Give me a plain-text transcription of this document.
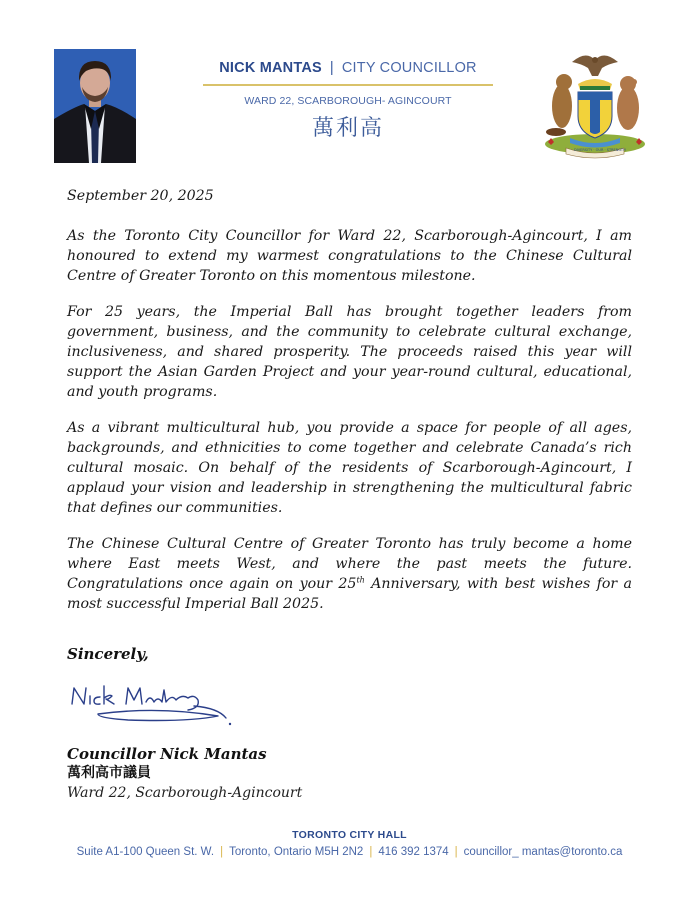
NICK MANTAS | CITY COUNCILLOR
WARD 22, SCARBOROUGH- AGINCOURT
萬利高
DIVERSITY · OUR · STRENGTH

September 20, 2025

As the Toronto City Councillor for Ward 22, Scarborough-Agincourt, I am honoured to extend my warmest congratulations to the Chinese Cultural Centre of Greater Toronto on this momentous milestone.

For 25 years, the Imperial Ball has brought together leaders from government, business, and the community to celebrate cultural exchange, inclusiveness, and shared prosperity. The proceeds raised this year will support the Asian Garden Project and your year-round cultural, educational, and youth programs.

As a vibrant multicultural hub, you provide a space for people of all ages, backgrounds, and ethnicities to come together and celebrate Canada’s rich cultural mosaic. On behalf of the residents of Scarborough-Agincourt, I applaud your vision and leadership in strengthening the multicultural fabric that defines our communities.

The Chinese Cultural Centre of Greater Toronto has truly become a home where East meets West, and where the past meets the future. Congratulations once again on your 25th Anniversary, with best wishes for a most successful Imperial Ball 2025.

Sincerely,
Councillor Nick Mantas
萬利高市議員
Ward 22, Scarborough-Agincourt
TORONTO CITY HALL
Suite A1-100 Queen St. W. | Toronto, Ontario M5H 2N2 | 416 392 1374 | councillor_ mantas@toronto.ca
